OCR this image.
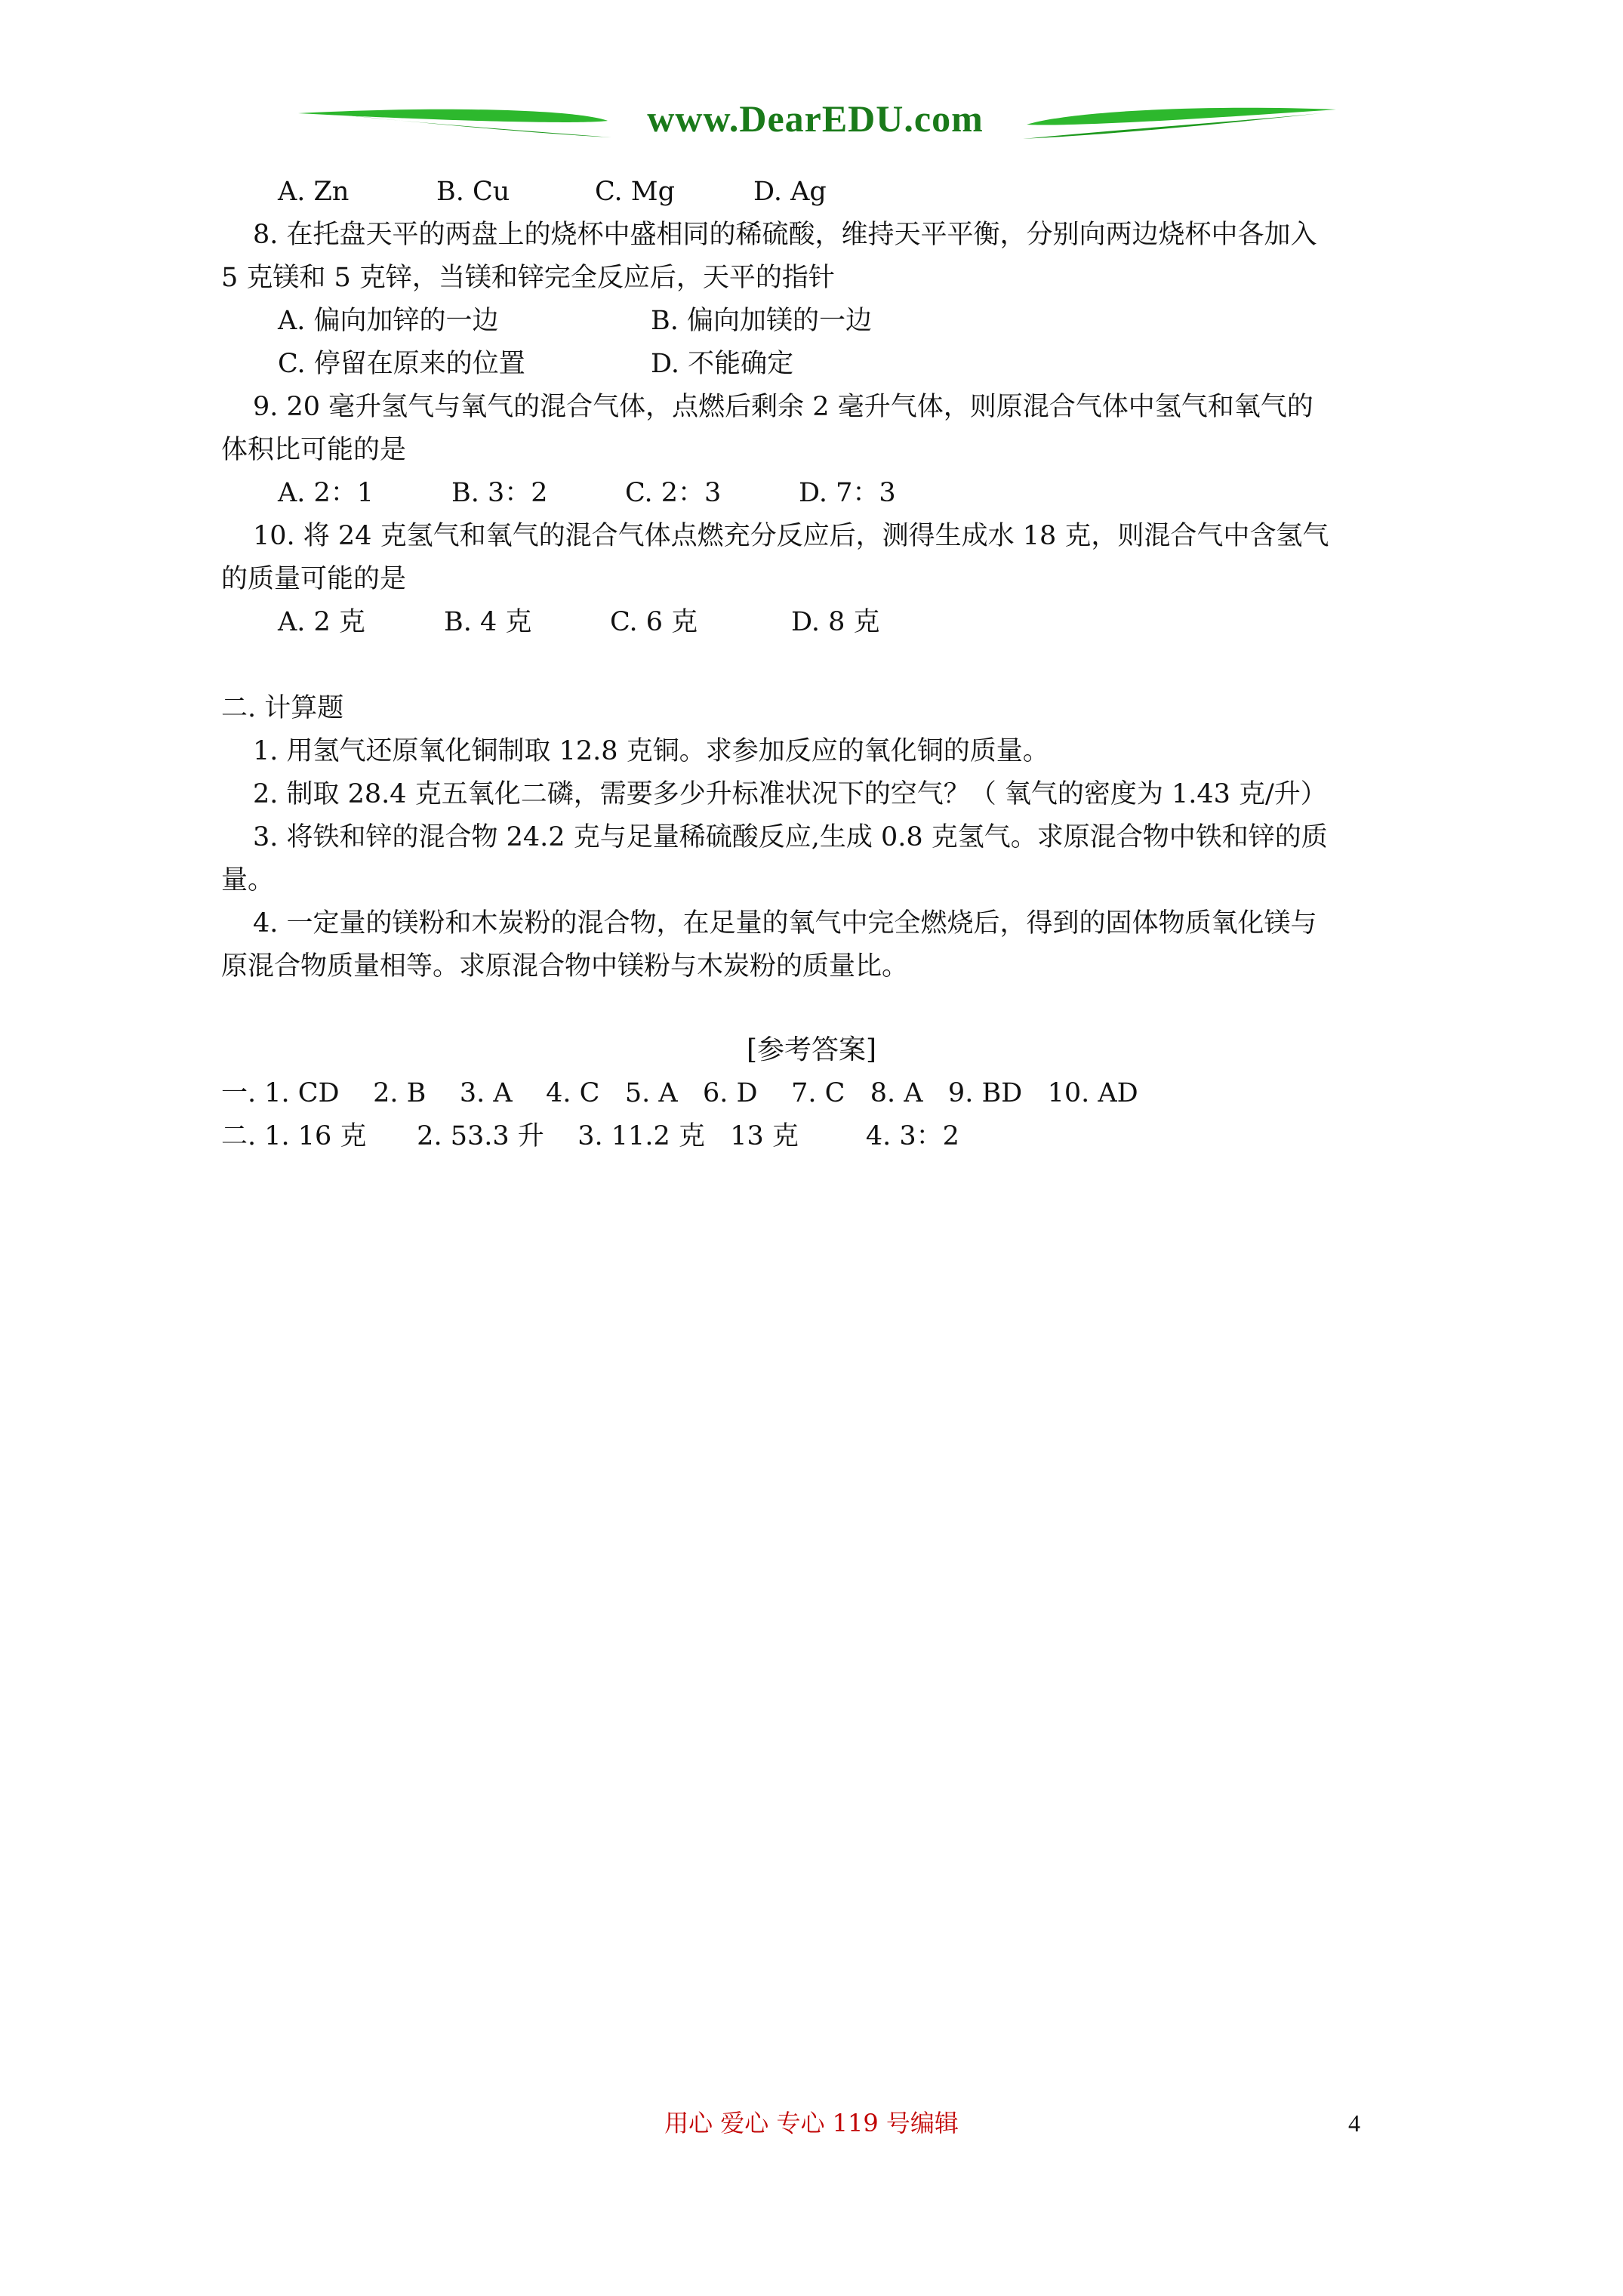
www.DearEDU.com
A. Zn	B. Cu	C. Mg	D. Ag
8. 在托盘天平的两盘上的烧杯中盛相同的稀硫酸，维持天平平衡，分别向两边烧杯中各加入
5 克镁和 5 克锌，当镁和锌完全反应后，天平的指针
A. 偏向加锌的一边	B. 偏向加镁的一边
C. 停留在原来的位置	D. 不能确定
9. 20 毫升氢气与氧气的混合气体，点燃后剩余 2 毫升气体，则原混合气体中氢气和氧气的
体积比可能的是
A. 2：1	B. 3：2	C. 2：3	D. 7：3
10. 将 24 克氢气和氧气的混合气体点燃充分反应后，测得生成水 18 克，则混合气中含氢气
的质量可能的是
A. 2 克	B. 4 克	C. 6 克	D. 8 克
二. 计算题
1. 用氢气还原氧化铜制取 12.8 克铜。求参加反应的氧化铜的质量。
2. 制取 28.4 克五氧化二磷，需要多少升标准状况下的空气？（ 氧气的密度为 1.43 克/升）
3. 将铁和锌的混合物 24.2 克与足量稀硫酸反应,生成 0.8 克氢气。求原混合物中铁和锌的质
量。
4. 一定量的镁粉和木炭粉的混合物，在足量的氧气中完全燃烧后，得到的固体物质氧化镁与
原混合物质量相等。求原混合物中镁粉与木炭粉的质量比。
[参考答案]
一. 1. CD    2. B    3. A    4. C   5. A   6. D    7. C   8. A   9. BD   10. AD
二. 1. 16 克      2. 53.3 升    3. 11.2 克   13 克        4. 3：2
用心 爱心 专心 119 号编辑	4
